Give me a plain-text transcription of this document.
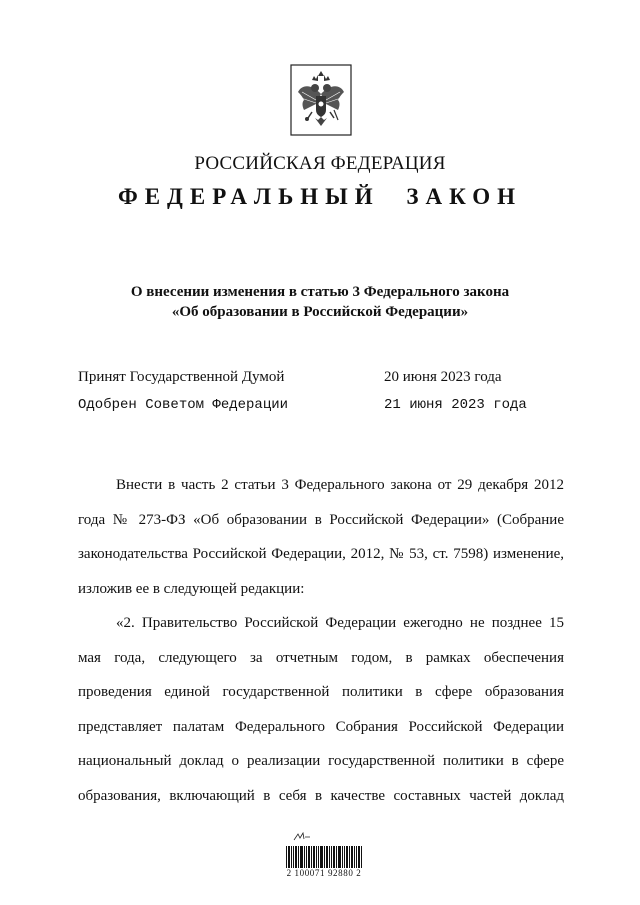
РОССИЙСКАЯ ФЕДЕРАЦИЯ
ФЕДЕРАЛЬНЫЙ ЗАКОН
О внесении изменения в статью 3 Федерального закона
«Об образовании в Российской Федерации»
Принят Государственной Думой	20 июня 2023 года
Одобрен Советом Федерации	21 июня 2023 года

Внести в часть 2 статьи 3 Федерального закона от 29 декабря 2012 года № 273-ФЗ «Об образовании в Российской Федерации» (Собрание законодательства Российской Федерации, 2012, № 53, ст. 7598) изменение, изложив ее в следующей редакции:

«2. Правительство Российской Федерации ежегодно не позднее 15 мая года, следующего за отчетным годом, в рамках обеспечения проведения единой государственной политики в сфере образования представляет палатам Федерального Собрания Российской Федерации национальный доклад о реализации государственной политики в сфере образования, включающий в себя в качестве составных частей доклад

2 100071 92880 2
